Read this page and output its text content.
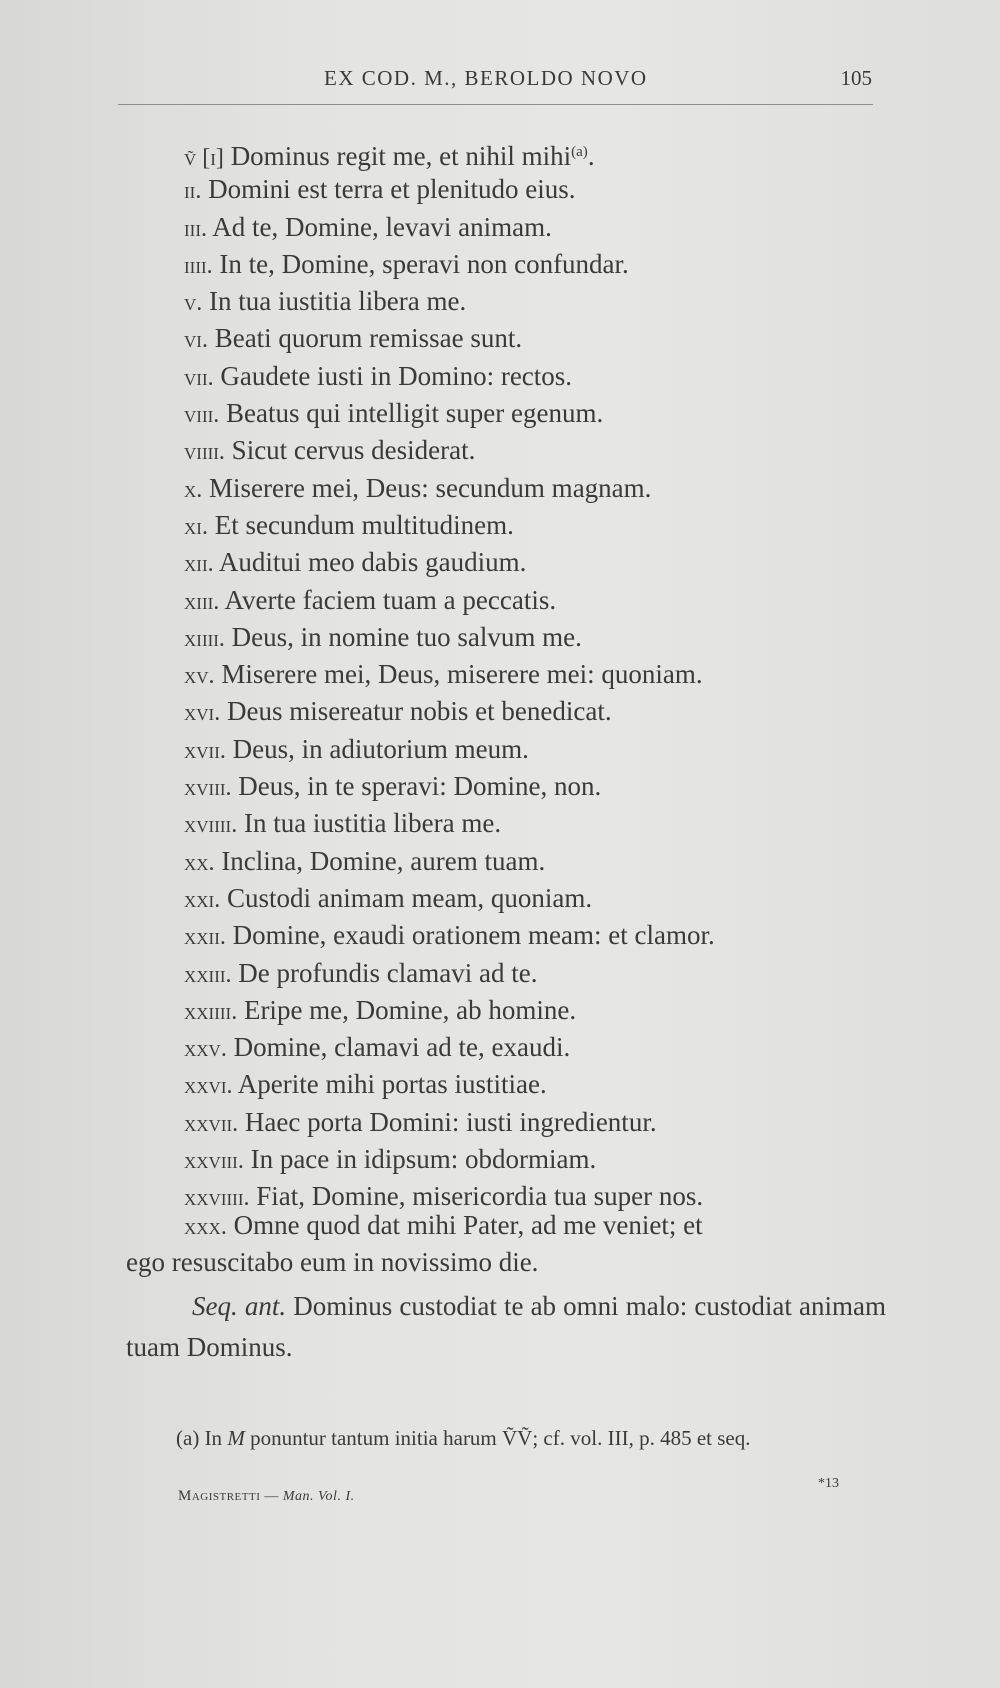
EX COD. M., BEROLDO NOVO	105
ṽ [i] Dominus regit me, et nihil mihi$^{(a)}$.
ii. Domini est terra et plenitudo eius.
iii. Ad te, Domine, levavi animam.
iiii. In te, Domine, speravi non confundar.
v. In tua iustitia libera me.
vi. Beati quorum remissae sunt.
vii. Gaudete iusti in Domino: rectos.
viii. Beatus qui intelligit super egenum.
viiii. Sicut cervus desiderat.
x. Miserere mei, Deus: secundum magnam.
xi. Et secundum multitudinem.
xii. Auditui meo dabis gaudium.
xiii. Averte faciem tuam a peccatis.
xiiii. Deus, in nomine tuo salvum me.
xv. Miserere mei, Deus, miserere mei: quoniam.
xvi. Deus misereatur nobis et benedicat.
xvii. Deus, in adiutorium meum.
xviii. Deus, in te speravi: Domine, non.
xviiii. In tua iustitia libera me.
xx. Inclina, Domine, aurem tuam.
xxi. Custodi animam meam, quoniam.
xxii. Domine, exaudi orationem meam: et clamor.
xxiii. De profundis clamavi ad te.
xxiiii. Eripe me, Domine, ab homine.
xxv. Domine, clamavi ad te, exaudi.
xxvi. Aperite mihi portas iustitiae.
xxvii. Haec porta Domini: iusti ingredientur.
xxviii. In pace in idipsum: obdormiam.
xxviiii. Fiat, Domine, misericordia tua super nos.
xxx. Omne quod dat mihi Pater, ad me veniet; et
ego resuscitabo eum in novissimo die.
Seq. ant. Dominus custodiat te ab omni malo: custodiat animam tuam Dominus.
(a) In M ponuntur tantum initia harum ṼṼ; cf. vol. III, p. 485 et seq.
Magistretti — Man. Vol. I.
*13
